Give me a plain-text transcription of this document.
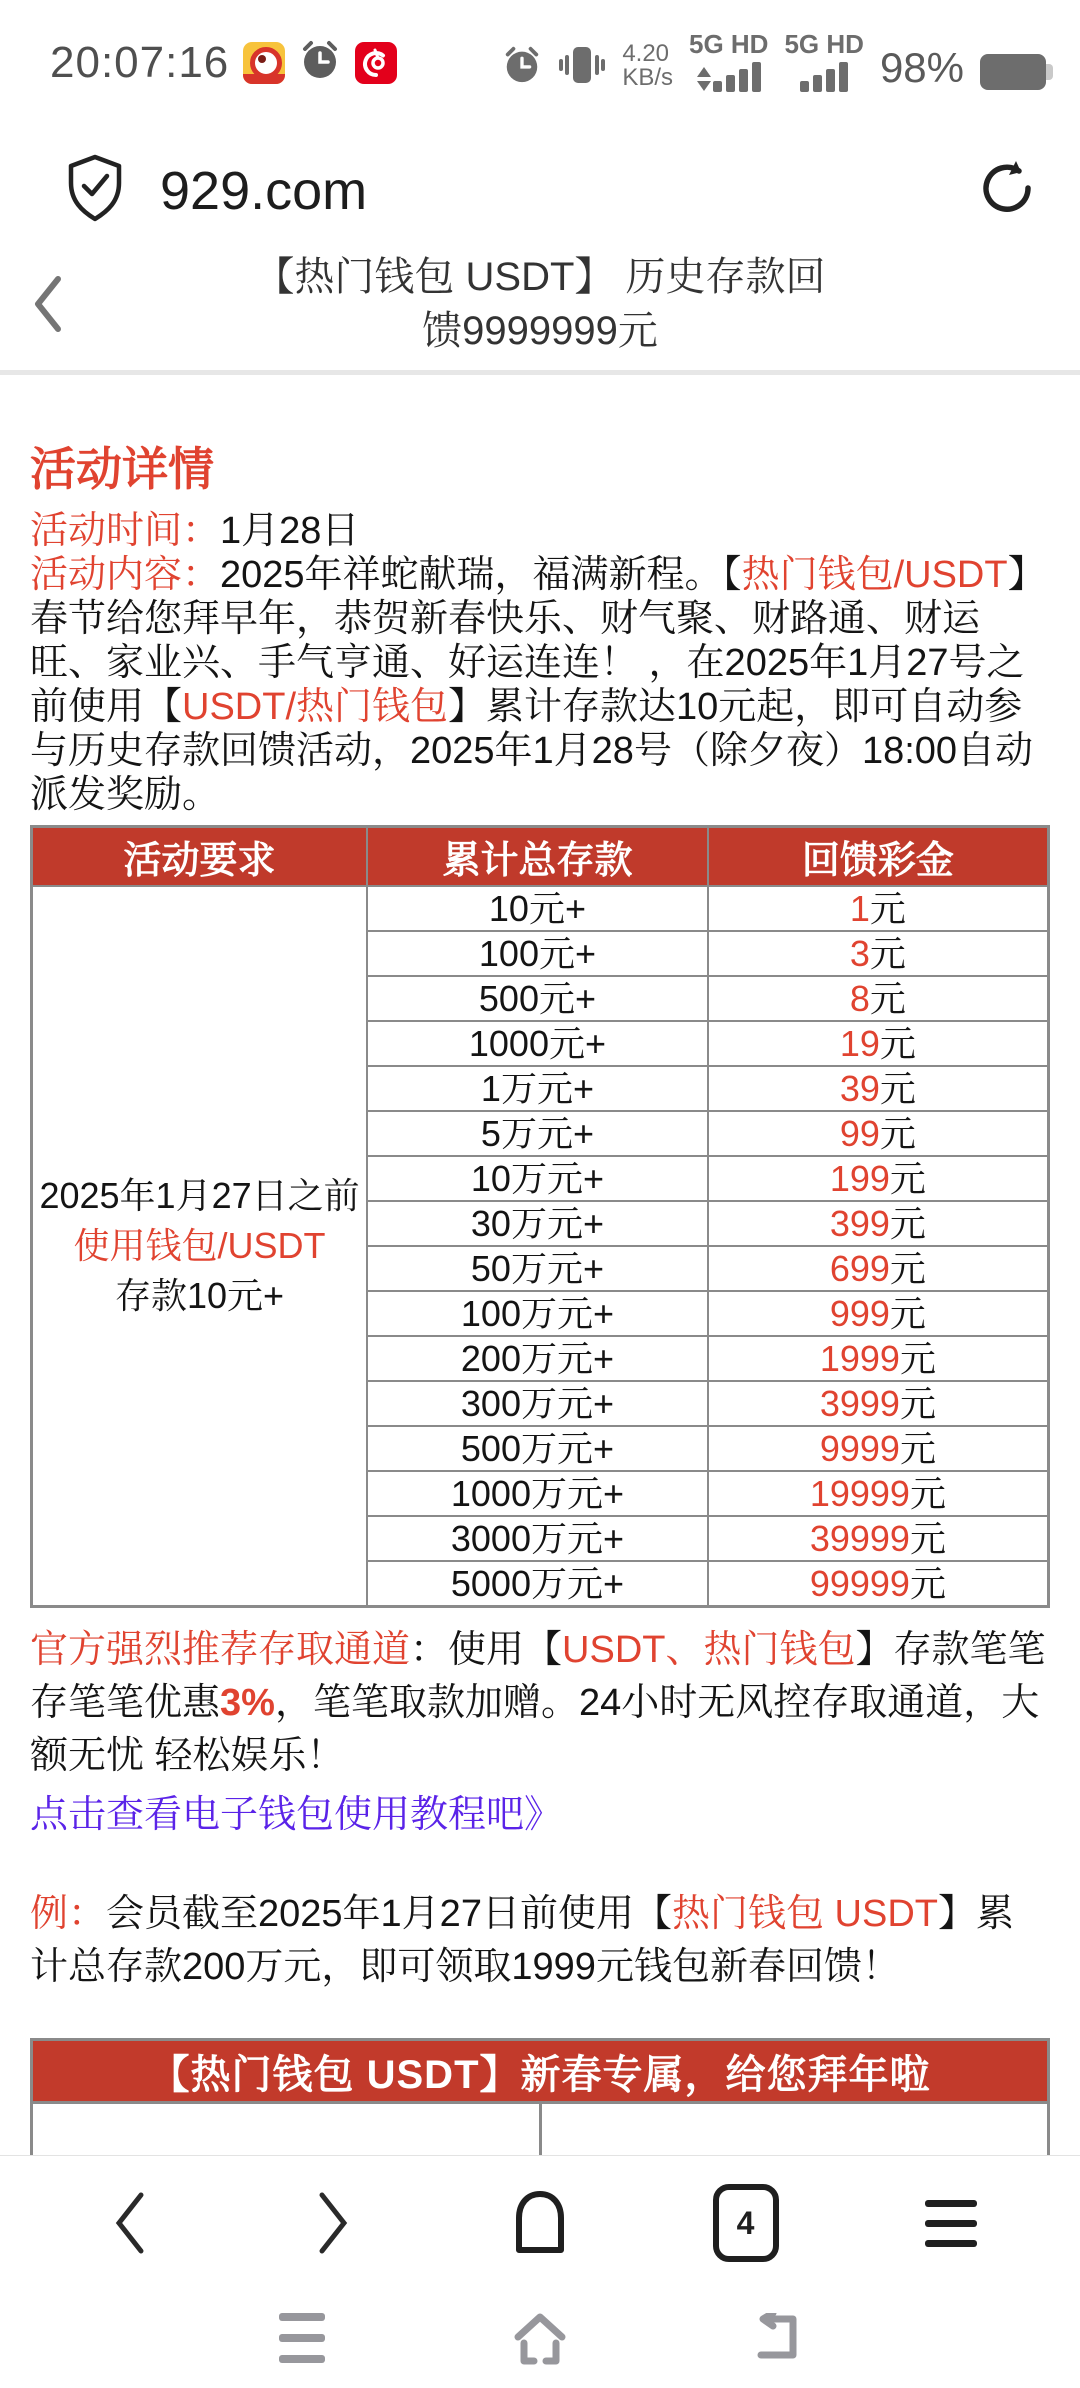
20:07:16	4.20
KB/s
5G HD 5G HD 98%
929.com
【热门钱包 USDT】 历史存款回
馈9999999元

活动详情

活动时间：1月28日

活动内容：2025年祥蛇献瑞，福满新程。【热门钱包/USDT】春节给您拜早年，恭贺新春快乐、财气聚、财路通、财运旺、家业兴、手气亨通、好运连连！ ，在2025年1月27号之前使用【USDT/热门钱包】累计存款达10元起，即可自动参与历史存款回馈活动，2025年1月28号（除夕夜）18:00自动派发奖励。

活动要求	累计总存款	回馈彩金

2025年1月27日之前
使用钱包/USDT
存款10元+	10元+	1元
	100元+	3元
	500元+	8元
	1000元+	19元
	1万元+	39元
	5万元+	99元
	10万元+	199元
	30万元+	399元
	50万元+	699元
	100万元+	999元
	200万元+	1999元
	300万元+	3999元
	500万元+	9999元
	1000万元+	19999元
	3000万元+	39999元
	5000万元+	99999元

官方强烈推荐存取通道：使用【USDT、热门钱包】存款笔笔存笔笔优惠3%，笔笔取款加赠。24小时无风控存取通道，大额无忧 轻松娱乐！

点击查看电子钱包使用教程吧》

例：会员截至2025年1月27日前使用【热门钱包 USDT】累计总存款200万元，即可领取1999元钱包新春回馈！

【热门钱包 USDT】新春专属，给您拜年啦	

4
